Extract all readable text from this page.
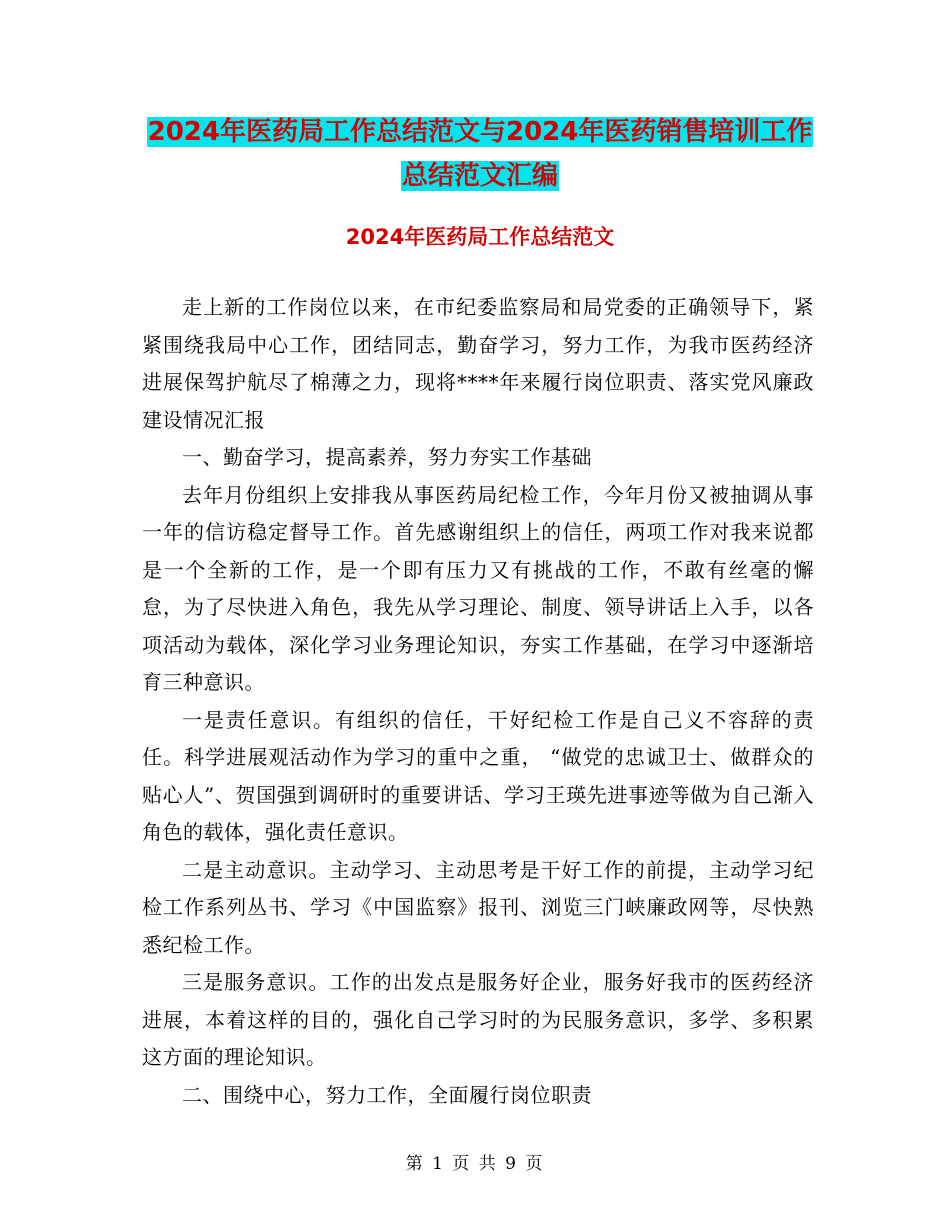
2024年医药局工作总结范文与2024年医药销售培训工作总结范文汇编
2024年医药局工作总结范文

走上新的工作岗位以来，在市纪委监察局和局党委的正确领导下，紧紧围绕我局中心工作，团结同志，勤奋学习，努力工作，为我市医药经济进展保驾护航尽了棉薄之力，现将****年来履行岗位职责、落实党风廉政建设情况汇报

一、勤奋学习，提高素养，努力夯实工作基础

去年月份组织上安排我从事医药局纪检工作，今年月份又被抽调从事一年的信访稳定督导工作。首先感谢组织上的信任，两项工作对我来说都是一个全新的工作，是一个即有压力又有挑战的工作，不敢有丝毫的懈怠，为了尽快进入角色，我先从学习理论、制度、领导讲话上入手，以各项活动为载体，深化学习业务理论知识，夯实工作基础，在学习中逐渐培育三种意识。

一是责任意识。有组织的信任，干好纪检工作是自己义不容辞的责任。科学进展观活动作为学习的重中之重， “做党的忠诚卫士、做群众的贴心人”、贺国强到调研时的重要讲话、学习王瑛先进事迹等做为自己渐入角色的载体，强化责任意识。

二是主动意识。主动学习、主动思考是干好工作的前提，主动学习纪检工作系列丛书、学习《中国监察》报刊、浏览三门峡廉政网等，尽快熟悉纪检工作。

三是服务意识。工作的出发点是服务好企业，服务好我市的医药经济进展，本着这样的目的，强化自己学习时的为民服务意识，多学、多积累这方面的理论知识。

二、围绕中心，努力工作，全面履行岗位职责

第 1 页 共 9 页
